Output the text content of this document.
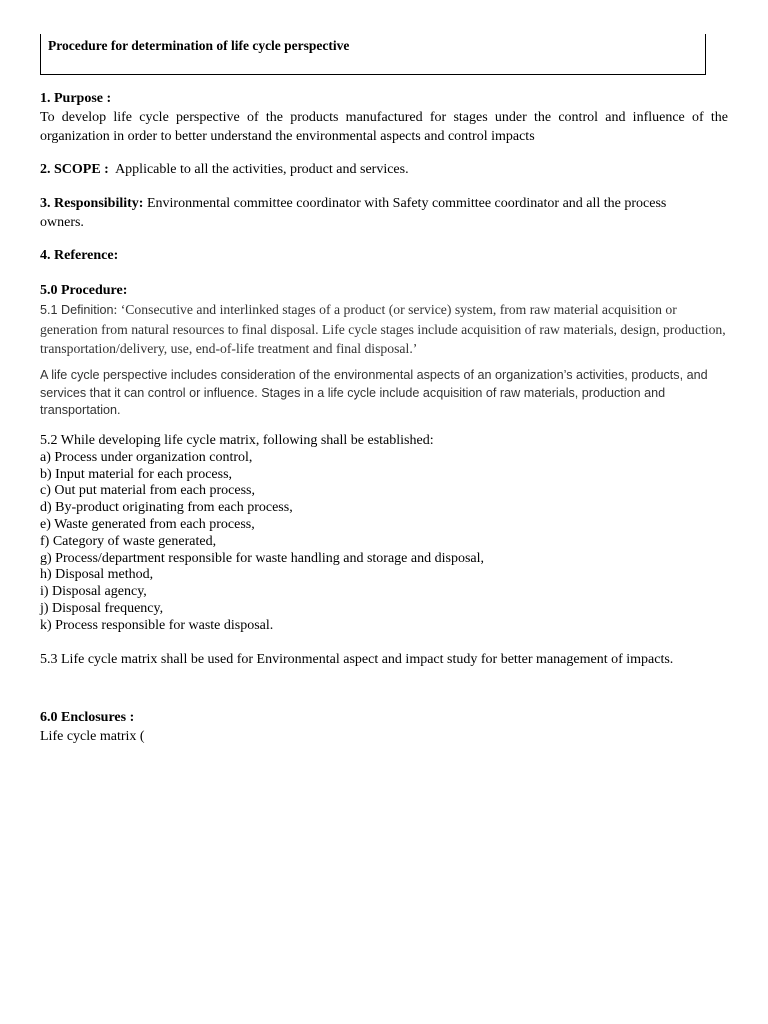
Procedure for determination of life cycle perspective
1. Purpose :
To develop life cycle perspective of the products manufactured for stages under the control and influence of the organization in order to better understand the environmental aspects and control impacts
2. SCOPE :  Applicable to all the activities, product and services.
3. Responsibility: Environmental committee coordinator with Safety committee coordinator and all the process owners.
4. Reference:
5.0 Procedure:
5.1 Definition: ‘Consecutive and interlinked stages of a product (or service) system, from raw material acquisition or generation from natural resources to final disposal. Life cycle stages include acquisition of raw materials, design, production, transportation/delivery, use, end-of-life treatment and final disposal.’
A life cycle perspective includes consideration of the environmental aspects of an organization’s activities, products, and services that it can control or influence. Stages in a life cycle include acquisition of raw materials, production and transportation.
5.2 While developing life cycle matrix, following shall be established:
a) Process under organization control,
b) Input material for each process,
c) Out put material from each process,
d) By-product originating from each process,
e) Waste generated from each process,
f) Category of waste generated,
g) Process/department responsible for waste handling and storage and disposal,
h) Disposal method,
i) Disposal agency,
j) Disposal frequency,
k) Process responsible for waste disposal.
5.3 Life cycle matrix shall be used for Environmental aspect and impact study for better management of impacts.
6.0 Enclosures :
Life cycle matrix (
